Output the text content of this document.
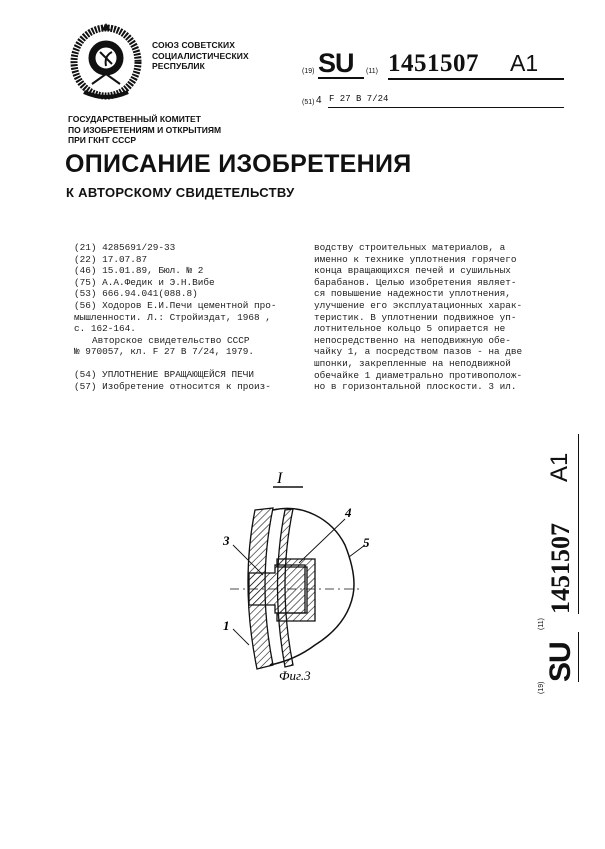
СОЮЗ СОВЕТСКИХ
СОЦИАЛИСТИЧЕСКИХ
РЕСПУБЛИК
(19) SU (11) 1451507 A1
(51) 4 F 27 B 7/24
ГОСУДАРСТВЕННЫЙ КОМИТЕТ
ПО ИЗОБРЕТЕНИЯМ И ОТКРЫТИЯМ
ПРИ ГКНТ СССР
ОПИСАНИЕ ИЗОБРЕТЕНИЯ
К АВТОРСКОМУ СВИДЕТЕЛЬСТВУ
(21) 4285691/29-33
(22) 17.07.87
(46) 15.01.89, Бюл. № 2
(75) А.А.Федик и Э.Н.Вибе
(53) 666.94.041(088.8)
(56) Ходоров Е.И.Печи цементной про-
мышленности. Л.: Стройиздат, 1968 ,
с. 162-164.
Авторское свидетельство СССР
№ 970057, кл. F 27 В 7/24, 1979.
(54) УПЛОТНЕНИЕ ВРАЩАЮЩЕЙСЯ ПЕЧИ
(57) Изобретение относится к произ-
водству строительных материалов, а
именно к технике уплотнения горячего
конца вращающихся печей и сушильных
барабанов. Целью изобретения являет-
ся повышение надежности уплотнения,
улучшение его эксплуатационных харак-
теристик. В уплотнении подвижное уп-
лотнительное кольцо 5 опирается не
непосредственно на неподвижную обе-
чайку 1, а посредством пазов - на две
шпонки, закрепленные на неподвижной
обечайке 1 диаметрально противополож-
но в горизонтальной плоскости. 3 ил.
(19)
SU
(11)
1451507
A1
I
3
4
5
1
Фиг.3
